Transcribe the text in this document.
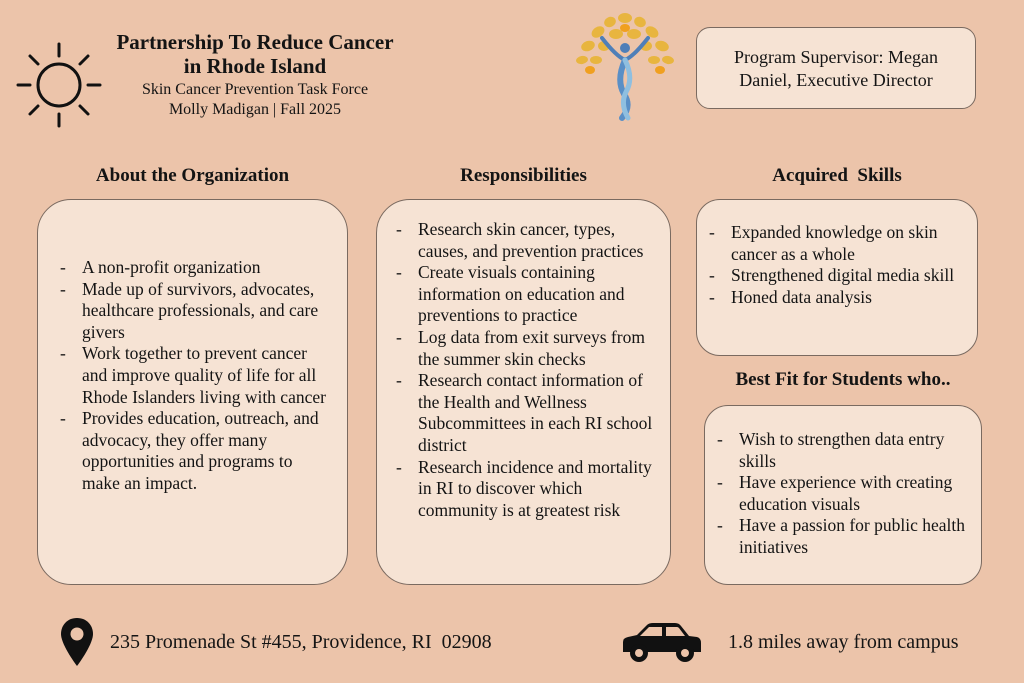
Partnership To Reduce Cancer
in Rhode Island
Skin Cancer Prevention Task Force
Molly Madigan | Fall 2025
Program Supervisor: Megan
Daniel, Executive Director
About the Organization	Responsibilities	Acquired  Skills
Best Fit for Students who..
- A non-profit organization
- Made up of survivors, advocates, healthcare professionals, and care givers
- Work together to prevent cancer and improve quality of life for all Rhode Islanders living with cancer
- Provides education, outreach, and advocacy, they offer many opportunities and programs to make an impact.
- Research skin cancer, types, causes, and prevention practices
- Create visuals containing information on education and preventions to practice
- Log data from exit surveys from the summer skin checks
- Research contact information of the Health and Wellness Subcommittees in each RI school district
- Research incidence and mortality in RI to discover which community is at greatest risk
- Expanded knowledge on skin cancer as a whole
- Strengthened digital media skill
- Honed data analysis
- Wish to strengthen data entry skills
- Have experience with creating education visuals
- Have a passion for public health initiatives
235 Promenade St #455, Providence, RI  02908	1.8 miles away from campus
